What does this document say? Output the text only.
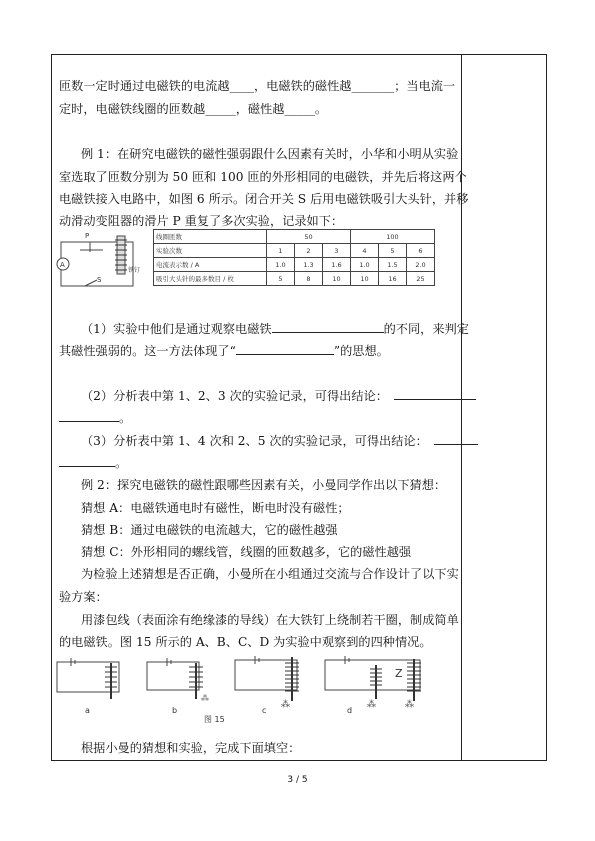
匝数一定时通过电磁铁的电流越____，电磁铁的磁性越_______；当电流一
定时，电磁铁线圈的匝数越_____，磁性越_____。
例 1：在研究电磁铁的磁性强弱跟什么因素有关时，小华和小明从实验
室选取了匝数分别为 50 匝和 100 匝的外形相同的电磁铁，并先后将这两个
电磁铁接入电路中，如图 6 所示。闭合开关 S 后用电磁铁吸引大头针，并移
动滑动变阻器的滑片 P 重复了多次实验，记录如下：
A
P
S
铁钉
线圈匝数	50			100		
实验次数	1	2	3	4	5	6
电流表示数 / A	1.0	1.3	1.6	1.0	1.5	2.0
吸引大头针的最多数目 / 枚	5	8	10	10	16	25
（1）实验中他们是通过观察电磁铁	的不同，来判定
其磁性强弱的。这一方法体现了“	”的思想。
（2）分析表中第 1、2、3 次的实验记录，可得出结论：
。
（3）分析表中第 1、4 次和 2、5 次的实验记录，可得出结论：
。
例 2：探究电磁铁的磁性跟哪些因素有关，小曼同学作出以下猜想：
猜想 A：电磁铁通电时有磁性，断电时没有磁性；
猜想 B：通过电磁铁的电流越大，它的磁性越强
猜想 C：外形相同的螺线管，线圈的匝数越多，它的磁性越强
为检验上述猜想是否正确，小曼所在小组通过交流与合作设计了以下实
验方案：
用漆包线（表面涂有绝缘漆的导线）在大铁钉上绕制若干圈，制成简单
的电磁铁。图 15 所示的 A、B、C、D 为实验中观察到的四种情况。
⁂
⁂
Z
⁂	⁂
a	b
图 15
c	d
根据小曼的猜想和实验，完成下面填空：
3 / 5
